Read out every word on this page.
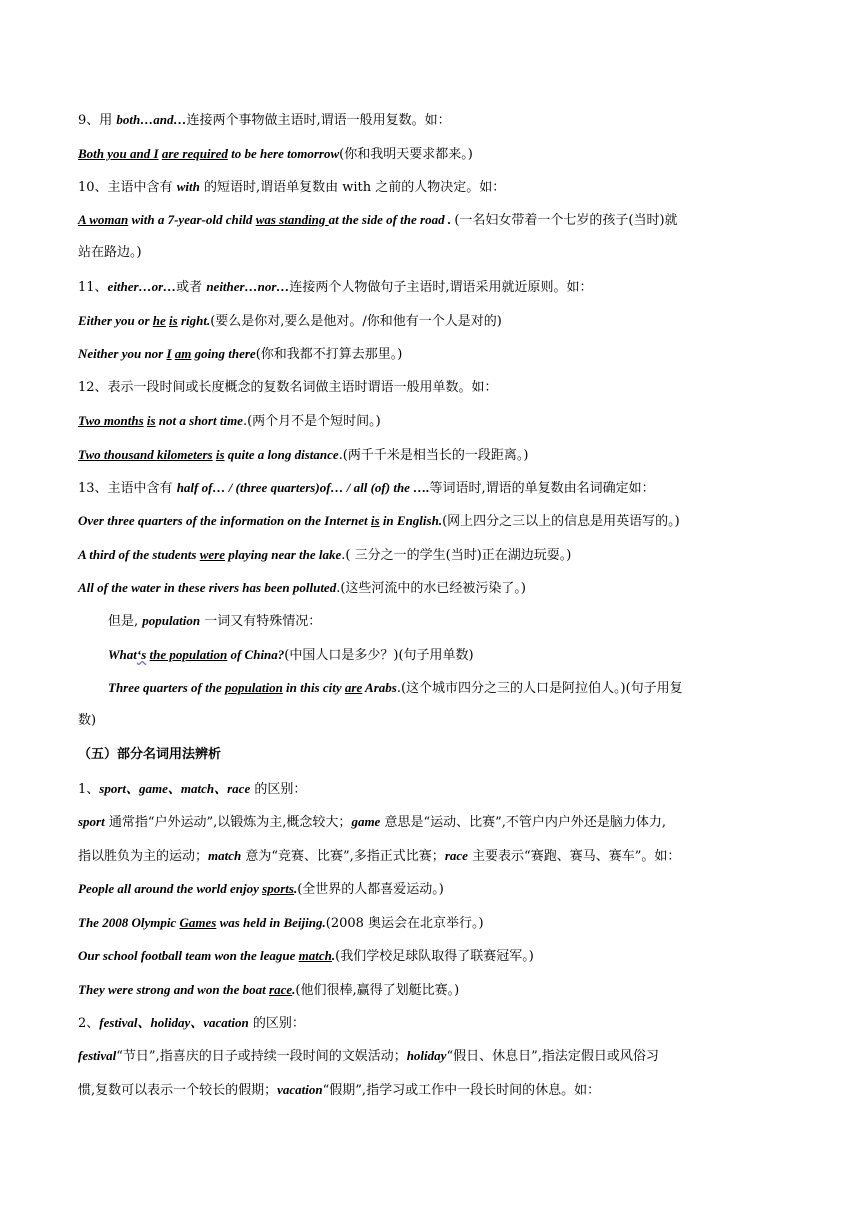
9、用 both…and…连接两个事物做主语时,谓语一般用复数。如：
Both you and I are required to be here tomorrow(你和我明天要求都来。)
10、主语中含有 with 的短语时,谓语单复数由 with 之前的人物决定。如：
A woman with a 7-year-old child was standing at the side of the road . (一名妇女带着一个七岁的孩子(当时)就
站在路边。)
11、either…or…或者 neither…nor…连接两个人物做句子主语时,谓语采用就近原则。如：
Either you or he is right.(要么是你对,要么是他对。/你和他有一个人是对的)
Neither you nor I am going there(你和我都不打算去那里。)
12、表示一段时间或长度概念的复数名词做主语时谓语一般用单数。如：
Two months is not a short time.(两个月不是个短时间。)
Two thousand kilometers is quite a long distance.(两千千米是相当长的一段距离。)
13、主语中含有 half of… / (three quarters)of… / all (of) the ….等词语时,谓语的单复数由名词确定如：
Over three quarters of the information on the Internet is in English.(网上四分之三以上的信息是用英语写的。)
A third of the students were playing near the lake.( 三分之一的学生(当时)正在湖边玩耍。)
All of the water in these rivers has been polluted.(这些河流中的水已经被污染了。)
但是, population 一词又有特殊情况：
What‘s the population of China?(中国人口是多少？)(句子用单数)
Three quarters of the population in this city are Arabs.(这个城市四分之三的人口是阿拉伯人。)(句子用复
数)
（五）部分名词用法辨析
1、sport、game、match、race 的区别：
sport 通常指“户外运动”,以锻炼为主,概念较大；game 意思是“运动、比赛”,不管户内户外还是脑力体力,
指以胜负为主的运动；match 意为“竞赛、比赛”,多指正式比赛；race 主要表示“赛跑、赛马、赛车”。如：
People all around the world enjoy sports.(全世界的人都喜爱运动。)
The 2008 Olympic Games was held in Beijing.(2008 奥运会在北京举行。)
Our school football team won the league match.(我们学校足球队取得了联赛冠军。)
They were strong and won the boat race.(他们很棒,赢得了划艇比赛。)
2、festival、holiday、vacation 的区别：
festival“节日”,指喜庆的日子或持续一段时间的文娱活动；holiday“假日、休息日”,指法定假日或风俗习
惯,复数可以表示一个较长的假期；vacation“假期”,指学习或工作中一段长时间的休息。如：
